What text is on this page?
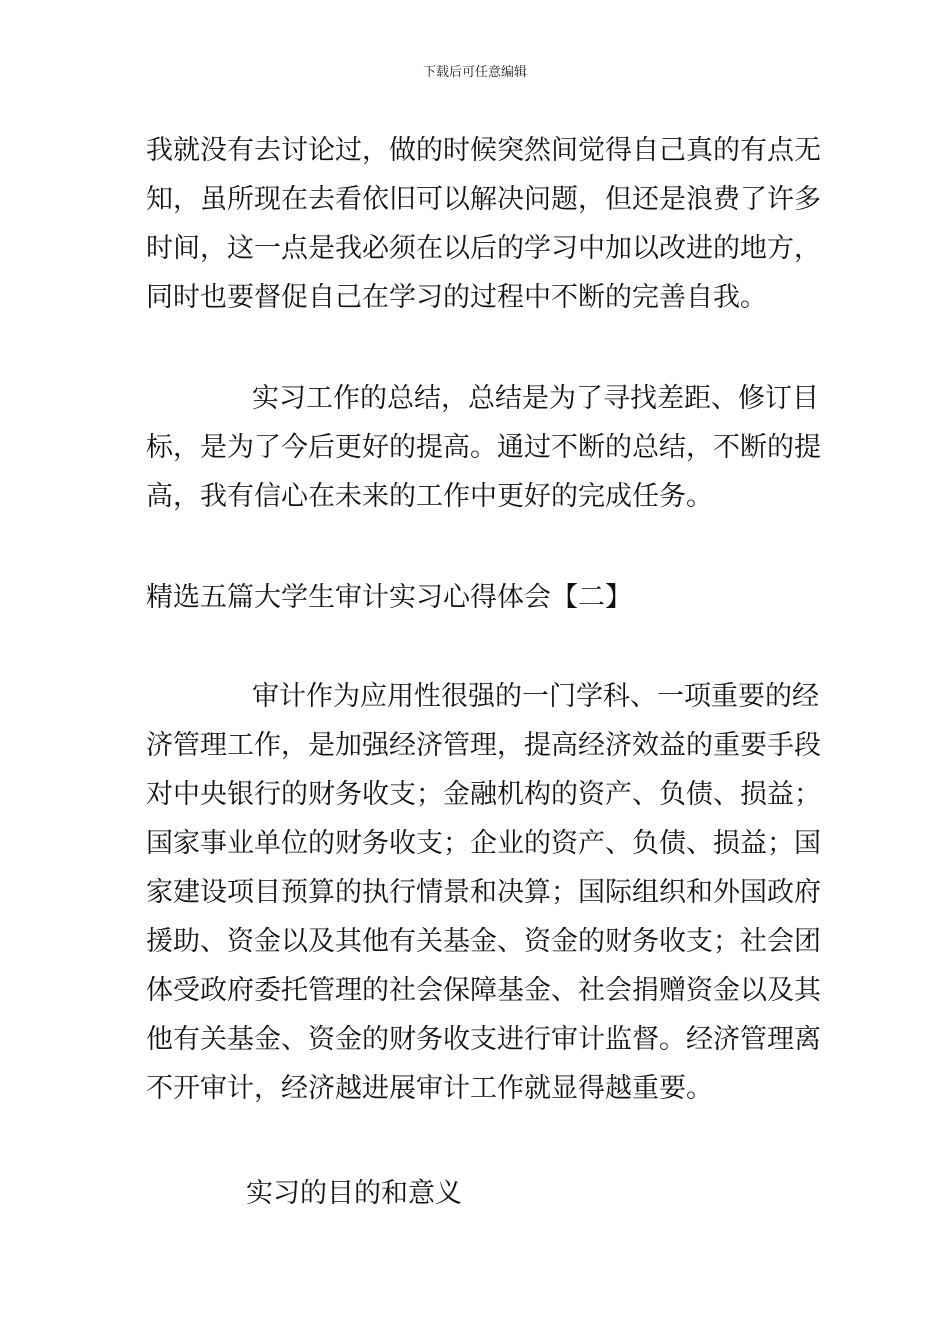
下载后可任意编辑
我就没有去讨论过，做的时候突然间觉得自己真的有点无
知，虽所现在去看依旧可以解决问题，但还是浪费了许多
时间，这一点是我必须在以后的学习中加以改进的地方，
同时也要督促自己在学习的过程中不断的完善自我。
实习工作的总结，总结是为了寻找差距、修订目
标，是为了今后更好的提高。通过不断的总结，不断的提
高，我有信心在未来的工作中更好的完成任务。
精选五篇大学生审计实习心得体会【二】
审计作为应用性很强的一门学科、一项重要的经
济管理工作，是加强经济管理，提高经济效益的重要手段
对中央银行的财务收支；金融机构的资产、负债、损益；
国家事业单位的财务收支；企业的资产、负债、损益；国
家建设项目预算的执行情景和决算；国际组织和外国政府
援助、资金以及其他有关基金、资金的财务收支；社会团
体受政府委托管理的社会保障基金、社会捐赠资金以及其
他有关基金、资金的财务收支进行审计监督。经济管理离
不开审计，经济越进展审计工作就显得越重要。
实习的目的和意义
